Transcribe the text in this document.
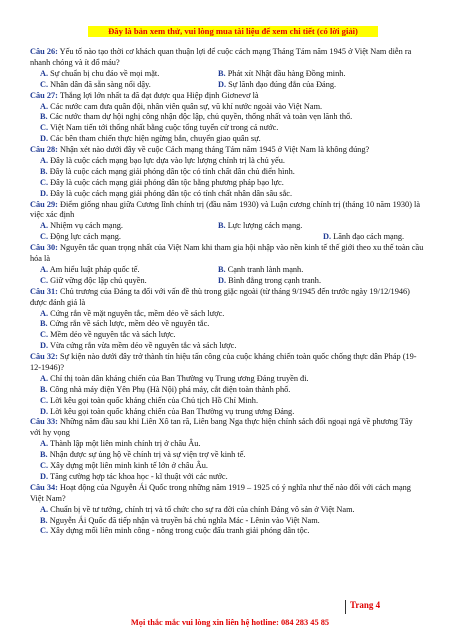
Đây là bản xem thử, vui lòng mua tài liệu để xem chi tiết (có lời giải)

Câu 26: Yếu tố nào tạo thời cơ khách quan thuận lợi để cuộc cách mạng Tháng Tám năm 1945 ở Việt Nam diễn ra nhanh chóng và ít đổ máu?

A. Sự chuẩn bị chu đáo về mọi mặt.	B. Phát xít Nhật đầu hàng Đồng minh.
C. Nhân dân đã sẵn sàng nổi dậy.	D. Sự lãnh đạo đúng đắn của Đảng.

Câu 27: Thắng lợi lớn nhất ta đã đạt được qua Hiệp định Giơnevơ là

A. Các nước cam đưa quân đội, nhân viên quân sự, vũ khí nước ngoài vào Việt Nam.
B. Các nước tham dự hội nghị công nhận độc lập, chủ quyền, thống nhất và toàn vẹn lãnh thổ.
C. Việt Nam tiến tới thống nhất bằng cuộc tổng tuyển cử trong cả nước.
D. Các bên tham chiến thực hiện ngừng bắn, chuyển giao quân sự.

Câu 28: Nhận xét nào dưới đây về cuộc Cách mạng tháng Tám năm 1945 ở Việt Nam là không đúng?

A. Đây là cuộc cách mạng bạo lực dựa vào lực lượng chính trị là chủ yếu.
B. Đây là cuộc cách mạng giải phóng dân tộc có tính chất dân chủ điển hình.
C. Đây là cuộc cách mạng giải phóng dân tộc bằng phương pháp bạo lực.
D. Đây là cuộc cách mạng giải phóng dân tộc có tính chất nhân dân sâu sắc.

Câu 29: Điểm giống nhau giữa Cương lĩnh chính trị (đầu năm 1930) và Luận cương chính trị (tháng 10 năm 1930) là việc xác định

A. Nhiệm vụ cách mạng.	B. Lực lượng cách mạng.
C. Động lực cách mạng.	D. Lãnh đạo cách mạng.

Câu 30: Nguyên tắc quan trọng nhất của Việt Nam khi tham gia hội nhập vào nền kinh tế thế giới theo xu thế toàn cầu hóa là

A. Am hiểu luật pháp quốc tế.	B. Cạnh tranh lành mạnh.
C. Giữ vững độc lập chủ quyền.	D. Bình đẳng trong cạnh tranh.

Câu 31: Chủ trương của Đảng ta đối với vấn đề thù trong giặc ngoài (từ tháng 9/1945 đến trước ngày 19/12/1946) được đánh giá là

A. Cứng rắn về mặt nguyên tắc, mềm dẻo về sách lược.
B. Cứng rắn về sách lược, mềm dẻo về nguyên tắc.
C. Mềm dẻo về nguyên tắc và sách lược.
D. Vừa cứng rắn vừa mềm dẻo về nguyên tắc và sách lược.

Câu 32: Sự kiện nào dưới đây trở thành tín hiệu tấn công của cuộc kháng chiến toàn quốc chống thực dân Pháp (19-12-1946)?

A. Chỉ thị toàn dân kháng chiến của Ban Thường vụ Trung ương Đảng truyền đi.
B. Công nhà máy điện Yên Phụ (Hà Nội) phá máy, cắt điện toàn thành phố.
C. Lời kêu gọi toàn quốc kháng chiến của Chủ tịch Hồ Chí Minh.
D. Lời kêu gọi toàn quốc kháng chiến của Ban Thường vụ trung ương Đảng.

Câu 33: Những năm đầu sau khi Liên Xô tan rã, Liên bang Nga thực hiện chính sách đối ngoại ngả về phương Tây với hy vọng

A. Thành lập một liên minh chính trị ở châu Âu.
B. Nhận được sự ủng hộ về chính trị và sự viện trợ về kinh tế.
C. Xây dựng một liên minh kinh tế lớn ở châu Âu.
D. Tăng cường hợp tác khoa học - kĩ thuật với các nước.

Câu 34: Hoạt động của Nguyễn Ái Quốc trong những năm 1919 – 1925 có ý nghĩa như thế nào đối với cách mạng Việt Nam?

A. Chuẩn bị về tư tưởng, chính trị và tổ chức cho sự ra đời của chính Đảng vô sản ở Việt Nam.
B. Nguyễn Ái Quốc đã tiếp nhận và truyền bá chủ nghĩa Mác - Lênin vào Việt Nam.
C. Xây dựng mối liên minh công - nông trong cuộc đấu tranh giải phóng dân tộc.
Trang 4
Mọi thắc mắc vui lòng xin liên hệ hotline: 084 283 45 85
